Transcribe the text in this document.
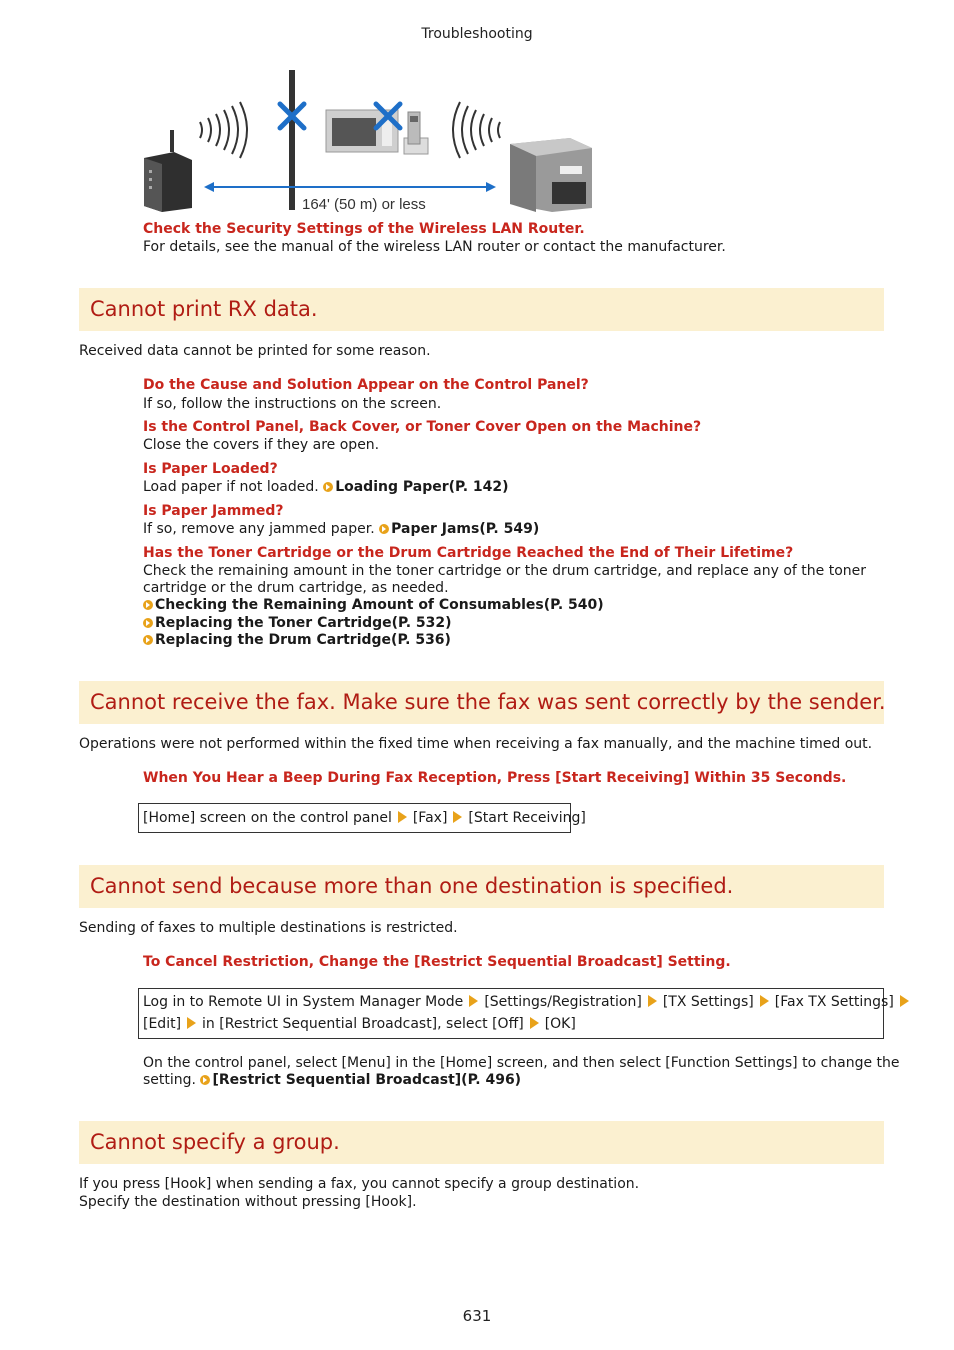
Troubleshooting
164' (50 m) or less
Check the Security Settings of the Wireless LAN Router.
For details, see the manual of the wireless LAN router or contact the manufacturer.
Cannot print RX data.
Received data cannot be printed for some reason.
Do the Cause and Solution Appear on the Control Panel?
If so, follow the instructions on the screen.
Is the Control Panel, Back Cover, or Toner Cover Open on the Machine?
Close the covers if they are open.
Is Paper Loaded?
Load paper if not loaded. Loading Paper(P. 142)
Is Paper Jammed?
If so, remove any jammed paper. Paper Jams(P. 549)
Has the Toner Cartridge or the Drum Cartridge Reached the End of Their Lifetime?
Check the remaining amount in the toner cartridge or the drum cartridge, and replace any of the toner
cartridge or the drum cartridge, as needed.
Checking the Remaining Amount of Consumables(P. 540)
Replacing the Toner Cartridge(P. 532)
Replacing the Drum Cartridge(P. 536)
Cannot receive the fax. Make sure the fax was sent correctly by the sender.
Operations were not performed within the fixed time when receiving a fax manually, and the machine timed out.
When You Hear a Beep During Fax Reception, Press [Start Receiving] Within 35 Seconds.
[Home] screen on the control panel [Fax] [Start Receiving]
Cannot send because more than one destination is specified.
Sending of faxes to multiple destinations is restricted.
To Cancel Restriction, Change the [Restrict Sequential Broadcast] Setting.
Log in to Remote UI in System Manager Mode [Settings/Registration] [TX Settings] [Fax TX Settings]
[Edit] in [Restrict Sequential Broadcast], select [Off] [OK]
On the control panel, select [Menu] in the [Home] screen, and then select [Function Settings] to change the
setting. [Restrict Sequential Broadcast](P. 496)
Cannot specify a group.
If you press [Hook] when sending a fax, you cannot specify a group destination.
Specify the destination without pressing [Hook].
631
